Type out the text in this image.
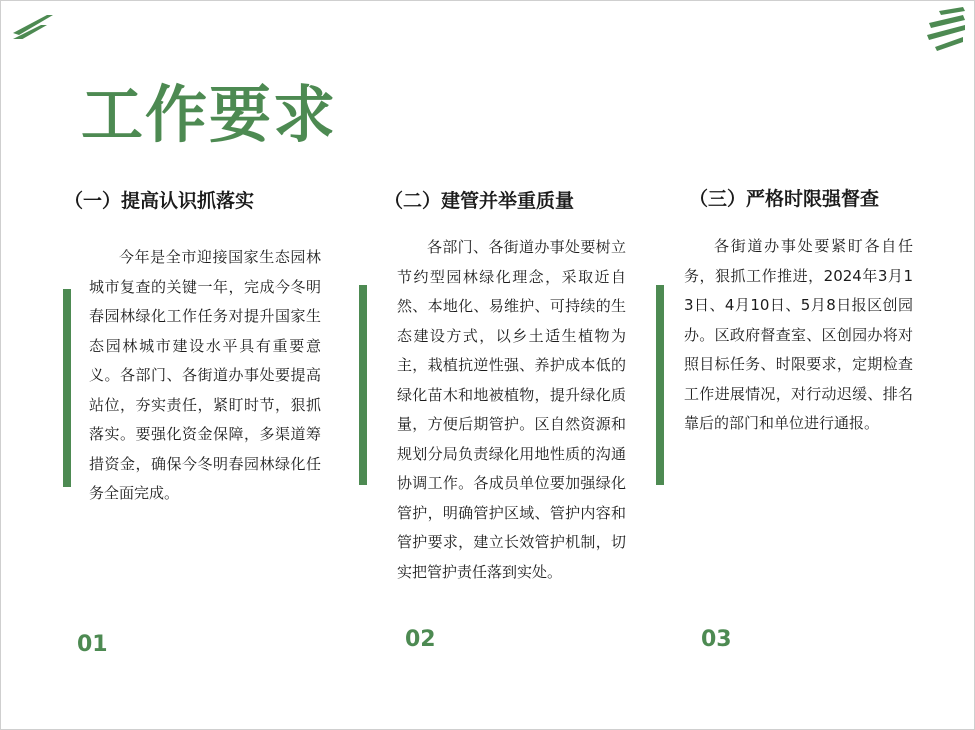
工作要求
（一）提高认识抓落实

今年是全市迎接国家生态园林城市复查的关键一年，完成今冬明春园林绿化工作任务对提升国家生态园林城市建设水平具有重要意义。各部门、各街道办事处要提高站位，夯实责任，紧盯时节，狠抓落实。要强化资金保障，多渠道筹措资金，确保今冬明春园林绿化任务全面完成。

01
（二）建管并举重质量

各部门、各街道办事处要树立节约型园林绿化理念，采取近自然、本地化、易维护、可持续的生态建设方式，以乡土适生植物为主，栽植抗逆性强、养护成本低的绿化苗木和地被植物，提升绿化质量，方便后期管护。区自然资源和规划分局负责绿化用地性质的沟通协调工作。各成员单位要加强绿化管护，明确管护区域、管护内容和管护要求，建立长效管护机制，切实把管护责任落到实处。

02
（三）严格时限强督查

各街道办事处要紧盯各自任务，狠抓工作推进，2024年3月13日、4月10日、5月8日报区创园办。区政府督查室、区创园办将对照目标任务、时限要求，定期检查工作进展情况，对行动迟缓、排名靠后的部门和单位进行通报。

03
